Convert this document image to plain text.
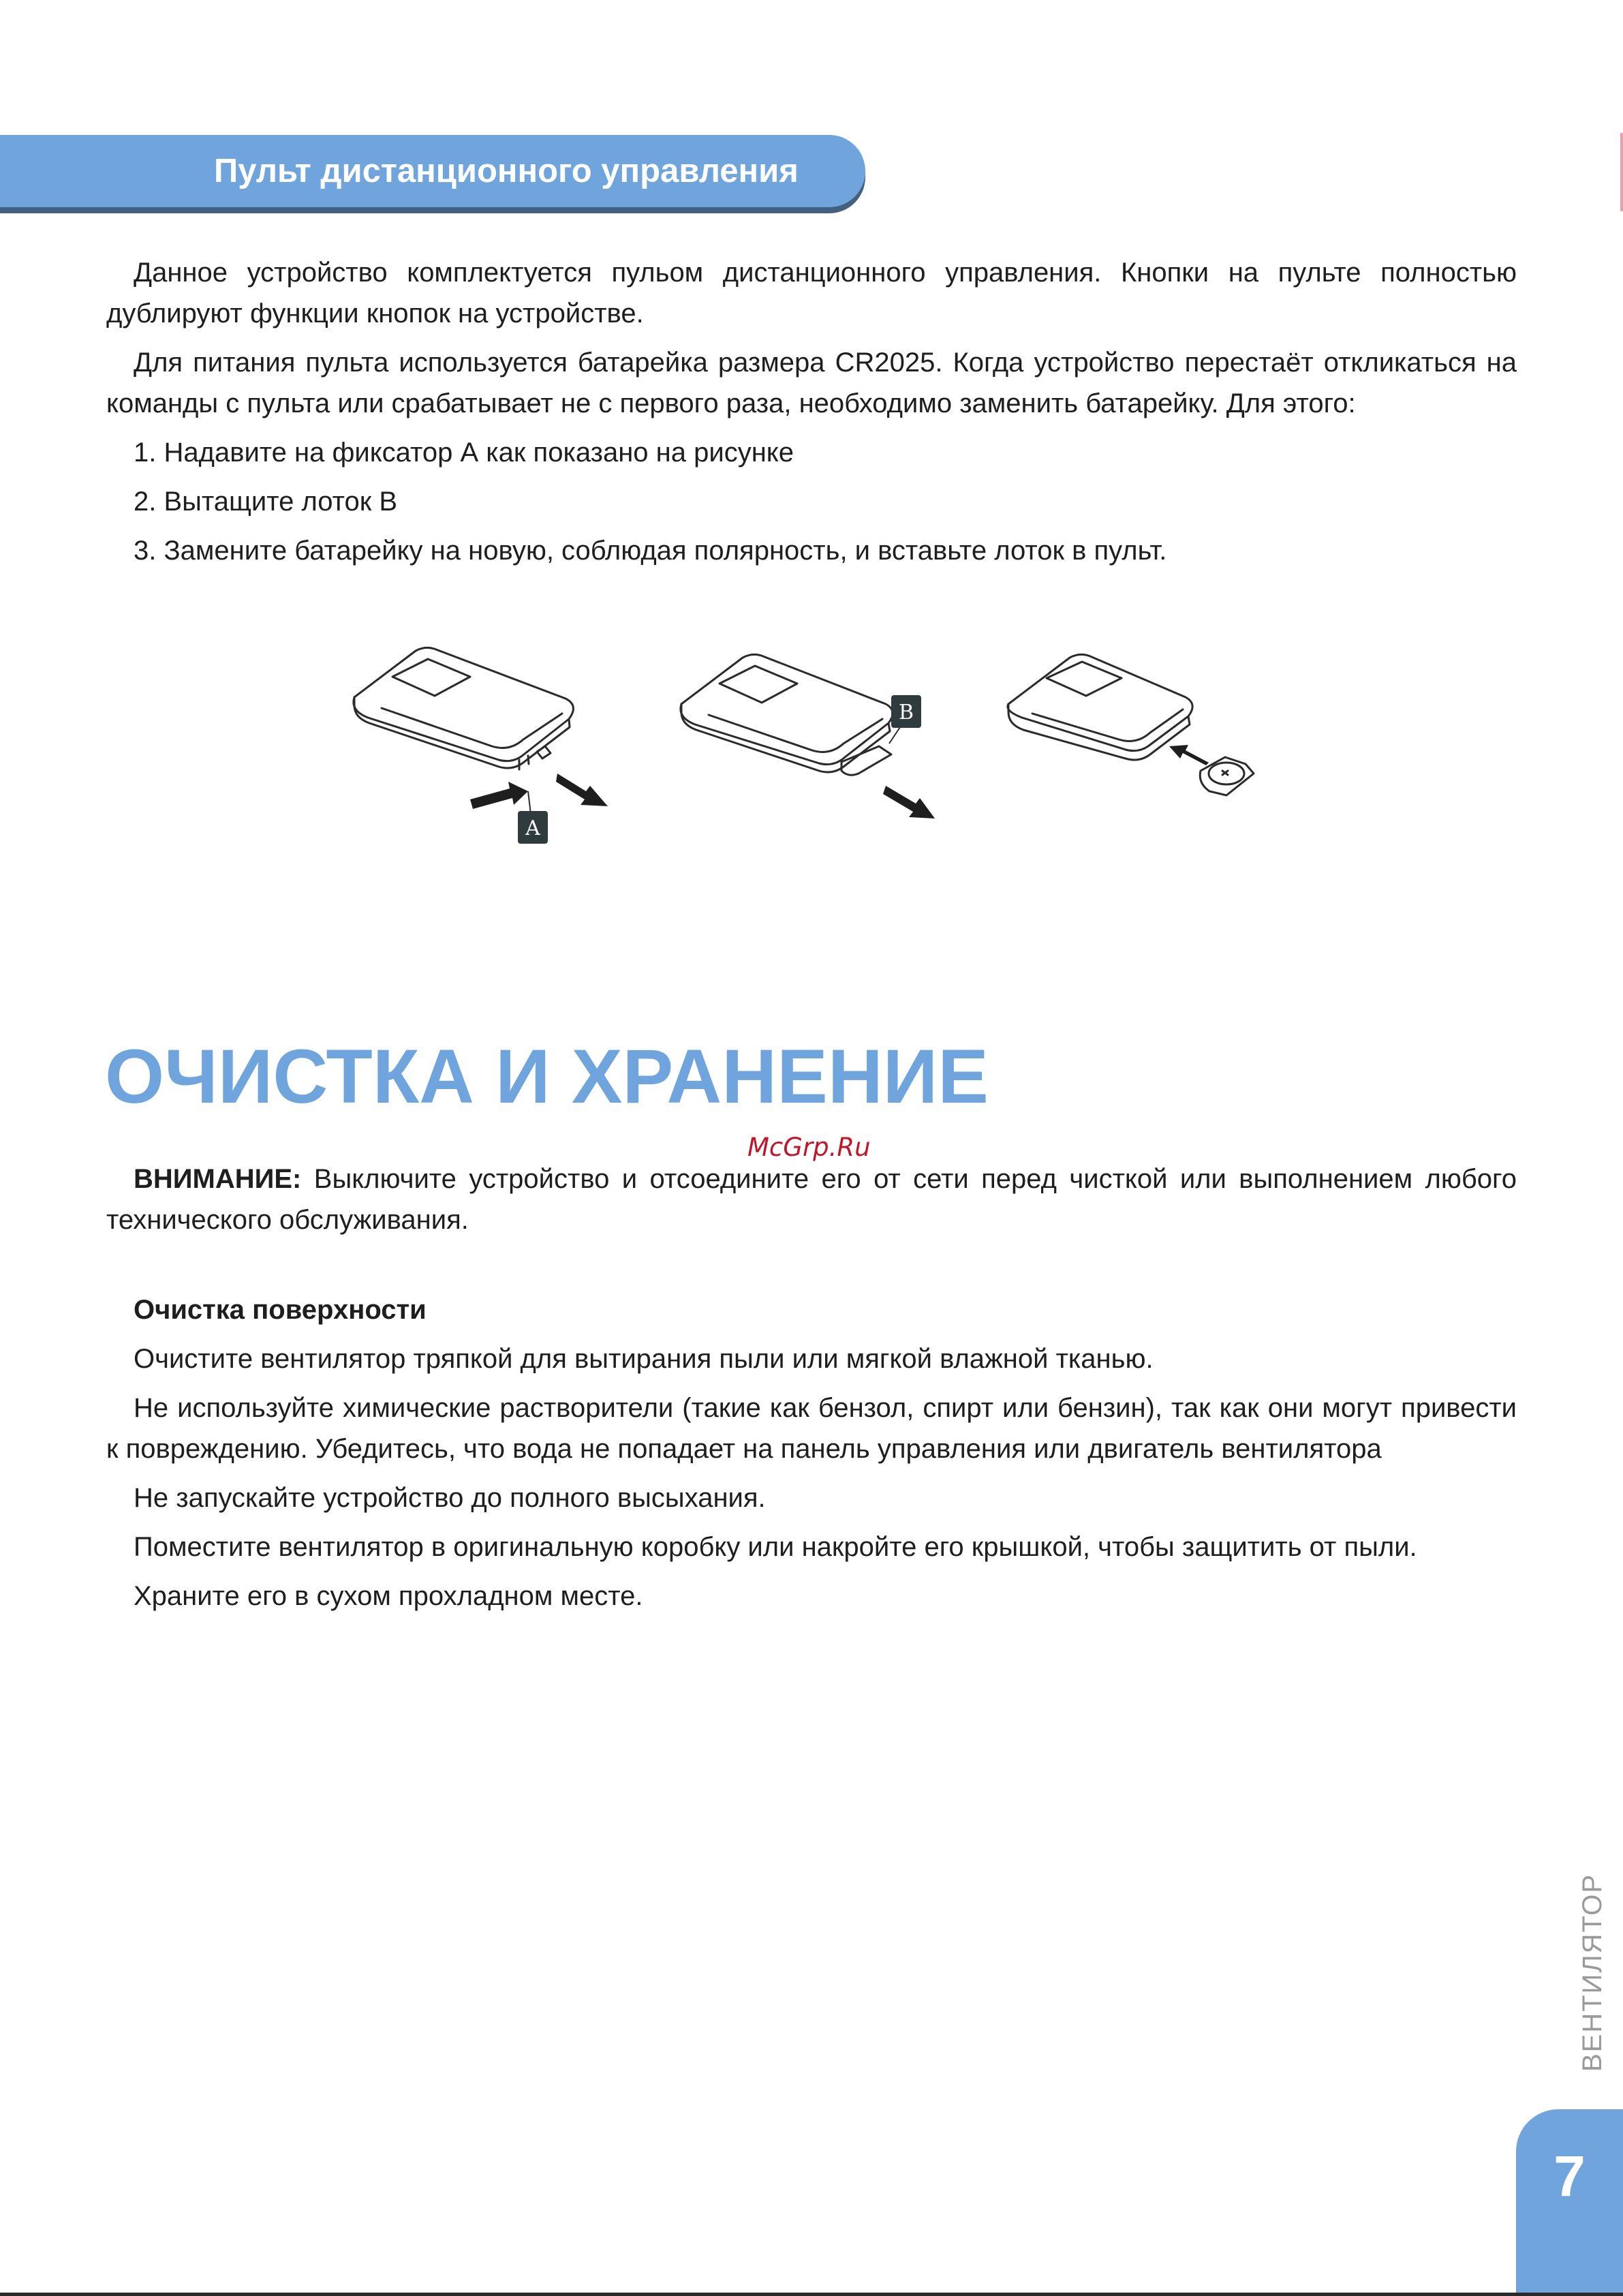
Пульт дистанционного управления

Данное устройство комплектуется пульом дистанционного управления. Кнопки на пульте полностью дублируют функции кнопок на устройстве.

Для питания пульта используется батарейка размера CR2025. Когда устройство перестаёт откликаться на команды с пульта или срабатывает не с первого раза, необходимо заменить батарейку. Для этого:

1. Надавите на фиксатор А как показано на рисунке
2. Вытащите лоток В
3. Замените батарейку на новую, соблюдая полярность, и вставьте лоток в пульт.
A
B
ОЧИСТКА И ХРАНЕНИЕ
McGrp.Ru

ВНИМАНИЕ: Выключите устройство и отсоедините его от сети перед чисткой или выполнением любого технического обслуживания.

Очистка поверхности

Очистите вентилятор тряпкой для вытирания пыли или мягкой влажной тканью.

Не используйте химические растворители (такие как бензол, спирт или бензин), так как они могут привести к повреждению. Убедитесь, что вода не попадает на панель управления или двигатель вентилятора

Не запускайте устройство до полного высыхания.

Поместите вентилятор в оригинальную коробку или накройте его крышкой, чтобы защитить от пыли.

Храните его в сухом прохладном месте.

ВЕНТИЛЯТОР
7
